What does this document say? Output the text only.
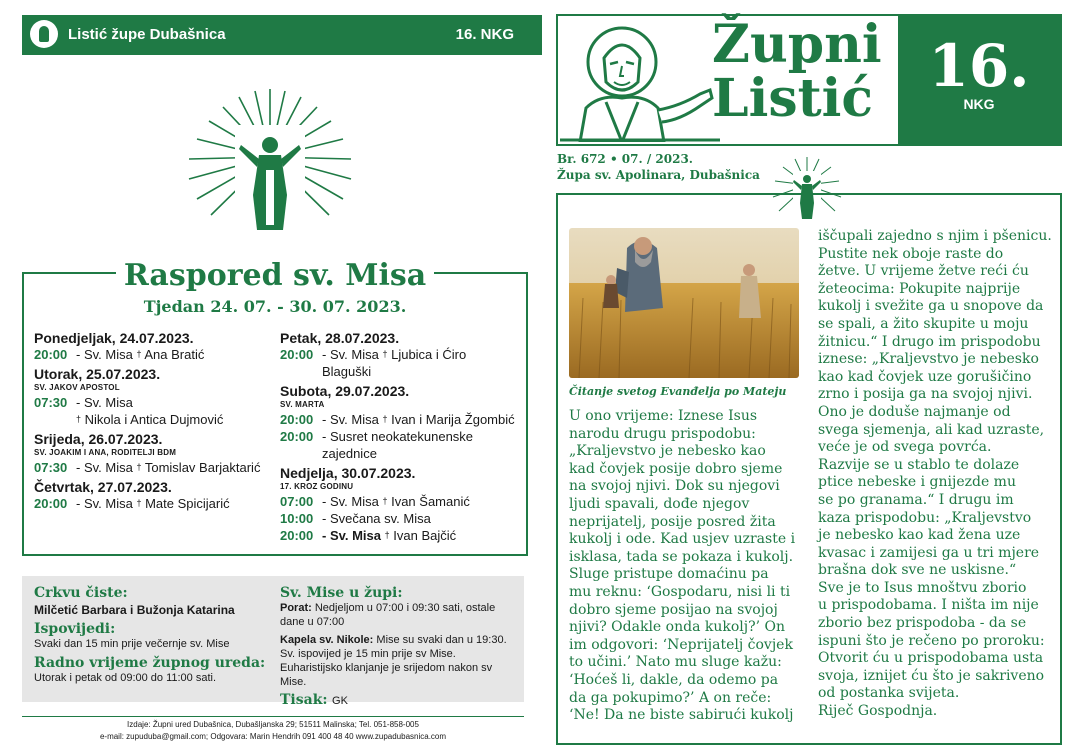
Listić župe Dubašnica	16. NKG
Raspored sv. Misa
Tjedan 24. 07. - 30. 07. 2023.
Ponedjeljak, 24.07.2023.
20:00 - Sv. Misa † Ana Bratić
Utorak, 25.07.2023.
SV. JAKOV APOSTOL
07:30 - Sv. Misa
† Nikola i Antica Dujmović
Srijeda, 26.07.2023.
SV. JOAKIM I ANA, RODITELJI BDM
07:30 - Sv. Misa † Tomislav Barjaktarić
Četvrtak, 27.07.2023.
20:00 - Sv. Misa † Mate Spicijarić
Petak, 28.07.2023.
20:00 - Sv. Misa † Ljubica i Ćiro Blaguški
Subota, 29.07.2023.
SV. MARTA
20:00 - Sv. Misa † Ivan i Marija Žgombić
20:00 - Susret neokatekunenske zajednice
Nedjelja, 30.07.2023.
17. KROZ GODINU
07:00 - Sv. Misa † Ivan Šamanić
10:00 - Svečana sv. Misa
20:00 - Sv. Misa † Ivan Bajčić
Crkvu čiste:
Milčetić Barbara i Bužonja Katarina
Ispovijedi:
Svaki dan 15 min prije večernje sv. Mise
Radno vrijeme župnog ureda:
Utorak i petak od 09:00 do 11:00 sati.
Sv. Mise u župi:
Porat: Nedjeljom u 07:00 i 09:30 sati, ostale dane u 07:00
Kapela sv. Nikole: Mise su svaki dan u 19:30. Sv. ispovijed je 15 min prije sv Mise. Euharistijsko klanjanje je srijedom nakon sv Mise.
Tisak: GK
Izdaje: Župni ured Dubašnica, Dubašljanska 29; 51511 Malinska; Tel. 051-858-005
e-mail: zupuduba@gmail.com; Odgovara: Marin Hendrih 091 400 48 40 www.zupadubasnica.com
Župni
Listić 16.
NKG
Br. 672 • 07. / 2023.
Župa sv. Apolinara, Dubašnica
Čitanje svetog Evanđelja po Mateju
U ono vrijeme: Iznese Isus
narodu drugu prispodobu:
„Kraljevstvo je nebesko kao
kad čovjek posije dobro sjeme
na svojoj njivi. Dok su njegovi
ljudi spavali, dođe njegov
neprijatelj, posije posred žita
kukolj i ode. Kad usjev uzraste i
isklasa, tada se pokaza i kukolj.
Sluge pristupe domaćinu pa
mu reknu: ‘Gospodaru, nisi li ti
dobro sjeme posijao na svojoj
njivi? Odakle onda kukolj?’ On
im odgovori: ‘Neprijatelj čovjek
to učini.’ Nato mu sluge kažu:
‘Hoćeš li, dakle, da odemo pa
da ga pokupimo?’ A on reče:
‘Ne! Da ne biste sabirući kukolj
iščupali zajedno s njim i pšenicu.
Pustite nek oboje raste do
žetve. U vrijeme žetve reći ću
žeteocima: Pokupite najprije
kukolj i svežite ga u snopove da
se spali, a žito skupite u moju
žitnicu.“ I drugo im prispodobu
iznese: „Kraljevstvo je nebesko
kao kad čovjek uze gorušičino
zrno i posija ga na svojoj njivi.
Ono je doduše najmanje od
svega sjemenja, ali kad uzraste,
veće je od svega povrća.
Razvije se u stablo te dolaze
ptice nebeske i gnijezde mu
se po granama.“ I drugu im
kaza prispodobu: „Kraljevstvo
je nebesko kao kad žena uze
kvasac i zamijesi ga u tri mjere
brašna dok sve ne uskisne.“
Sve je to Isus mnoštvu zborio
u prispodobama. I ništa im nije
zborio bez prispodoba - da se
ispuni što je rečeno po proroku:
Otvorit ću u prispodobama usta
svoja, iznijet ću što je sakriveno
od postanka svijeta.
Riječ Gospodnja.
